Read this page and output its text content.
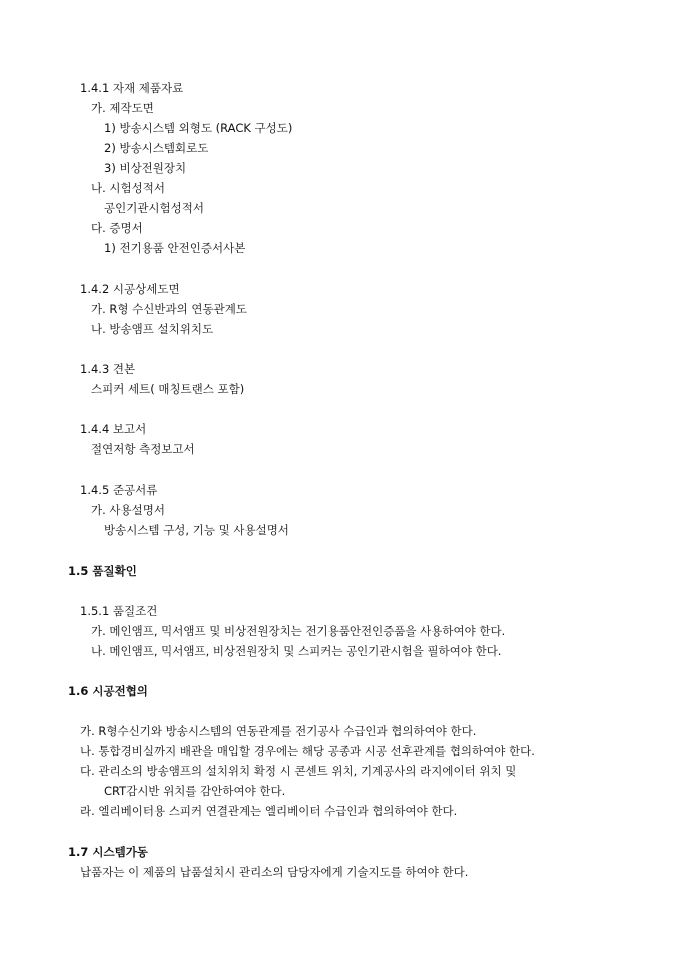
1.4.1 자재 제품자료
가. 제작도면
1) 방송시스템 외형도 (RACK 구성도)
2) 방송시스템회로도
3) 비상전원장치
나. 시험성적서
공인기관시험성적서
다. 증명서
1) 전기용품 안전인증서사본
1.4.2 시공상세도면
가. R형 수신반과의 연동관계도
나. 방송앰프 설치위치도
1.4.3 견본
스피커 세트( 매칭트랜스 포함)
1.4.4 보고서
절연저항 측정보고서
1.4.5 준공서류
가. 사용설명서
방송시스템 구성, 기능 및 사용설명서
1.5 품질확인
1.5.1 품질조건
가. 메인앰프, 믹서앰프 및 비상전원장치는 전기용품안전인증품을 사용하여야 한다.
나. 메인앰프, 믹서앰프, 비상전원장치 및 스피커는 공인기관시험을 필하여야 한다.
1.6 시공전협의
가. R형수신기와 방송시스템의 연동관계를 전기공사 수급인과 협의하여야 한다.
나. 통합경비실까지 배관을 매입할 경우에는 해당 공종과 시공 선후관계를 협의하여야 한다.
다. 관리소의 방송앰프의 설치위치 확정 시 콘센트 위치, 기계공사의 라지에이터 위치 및
CRT감시반 위치를 감안하여야 한다.
라. 엘리베이터용 스피커 연결관계는 엘리베이터 수급인과 협의하여야 한다.
1.7 시스템가동
납품자는 이 제품의 납품설치시 관리소의 담당자에게 기술지도를 하여야 한다.
